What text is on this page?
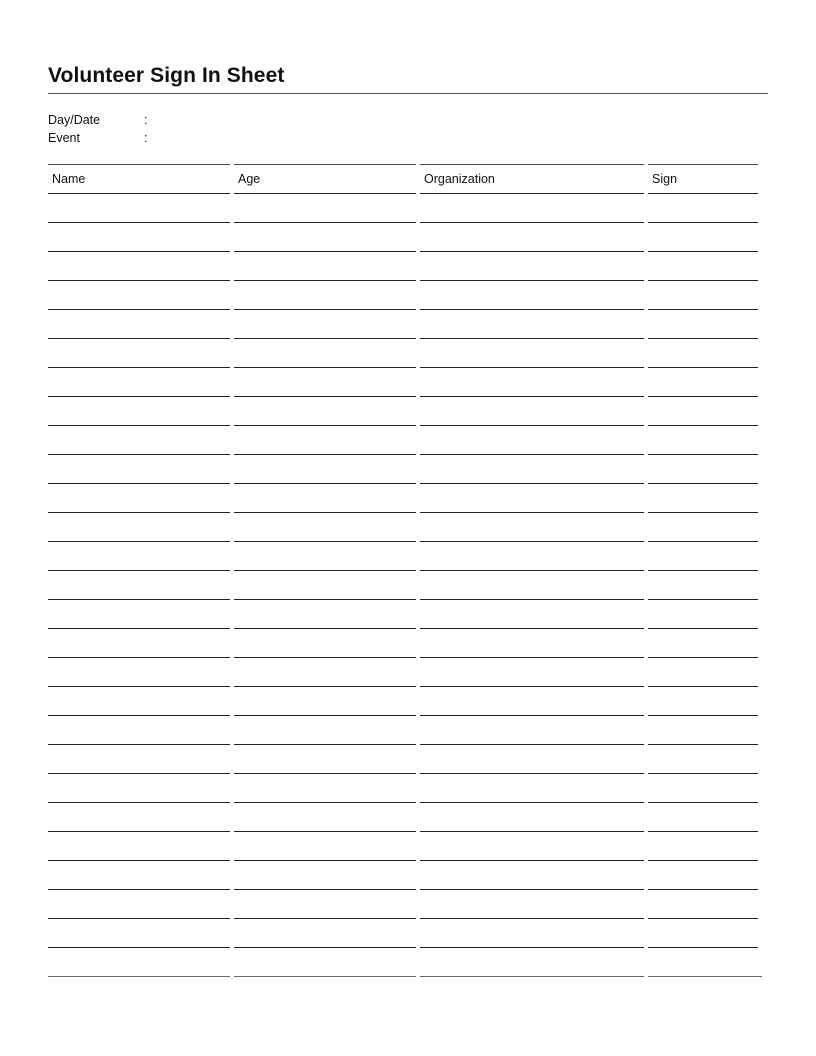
Volunteer Sign In Sheet
Day/Date	:
Event	:
Name	Age	Organization	Sign
